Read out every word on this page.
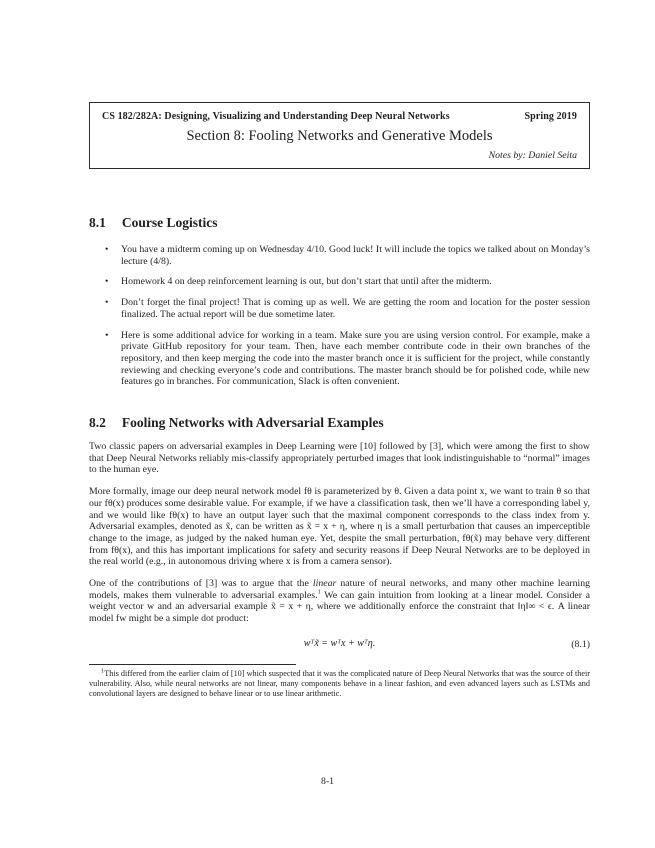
CS 182/282A: Designing, Visualizing and Understanding Deep Neural Networks	Spring 2019
Section 8: Fooling Networks and Generative Models
Notes by: Daniel Seita
8.1 Course Logistics
•	You have a midterm coming up on Wednesday 4/10. Good luck! It will include the topics we talked about on Monday’s lecture (4/8).
•	Homework 4 on deep reinforcement learning is out, but don’t start that until after the midterm.
•	Don’t forget the final project! That is coming up as well. We are getting the room and location for the poster session finalized. The actual report will be due sometime later.
•	Here is some additional advice for working in a team. Make sure you are using version control. For example, make a private GitHub repository for your team. Then, have each member contribute code in their own branches of the repository, and then keep merging the code into the master branch once it is sufficient for the project, while constantly reviewing and checking everyone’s code and contributions. The master branch should be for polished code, while new features go in branches. For communication, Slack is often convenient.
8.2 Fooling Networks with Adversarial Examples
Two classic papers on adversarial examples in Deep Learning were [10] followed by [3], which were among the first to show that Deep Neural Networks reliably mis-classify appropriately perturbed images that look indistinguishable to “normal” images to the human eye.
More formally, image our deep neural network model fθ is parameterized by θ. Given a data point x, we want to train θ so that our fθ(x) produces some desirable value. For example, if we have a classification task, then we’ll have a corresponding label y, and we would like fθ(x) to have an output layer such that the maximal component corresponds to the class index from y. Adversarial examples, denoted as x̃, can be written as x̃ = x + η, where η is a small perturbation that causes an imperceptible change to the image, as judged by the naked human eye. Yet, despite the small perturbation, fθ(x̃) may behave very different from fθ(x), and this has important implications for safety and security reasons if Deep Neural Networks are to be deployed in the real world (e.g., in autonomous driving where x is from a camera sensor).
One of the contributions of [3] was to argue that the linear nature of neural networks, and many other machine learning models, makes them vulnerable to adversarial examples.$^1$ We can gain intuition from looking at a linear model. Consider a weight vector w and an adversarial example x̃ = x + η, where we additionally enforce the constraint that ‖η‖∞ < ϵ. A linear model fw might be a simple dot product:
wᵀx̃ = wᵀx + wᵀη.	(8.1)
$^1$This differed from the earlier claim of [10] which suspected that it was the complicated nature of Deep Neural Networks that was the source of their vulnerability. Also, while neural networks are not linear, many components behave in a linear fashion, and even advanced layers such as LSTMs and convolutional layers are designed to behave linear or to use linear arithmetic.
8-1
